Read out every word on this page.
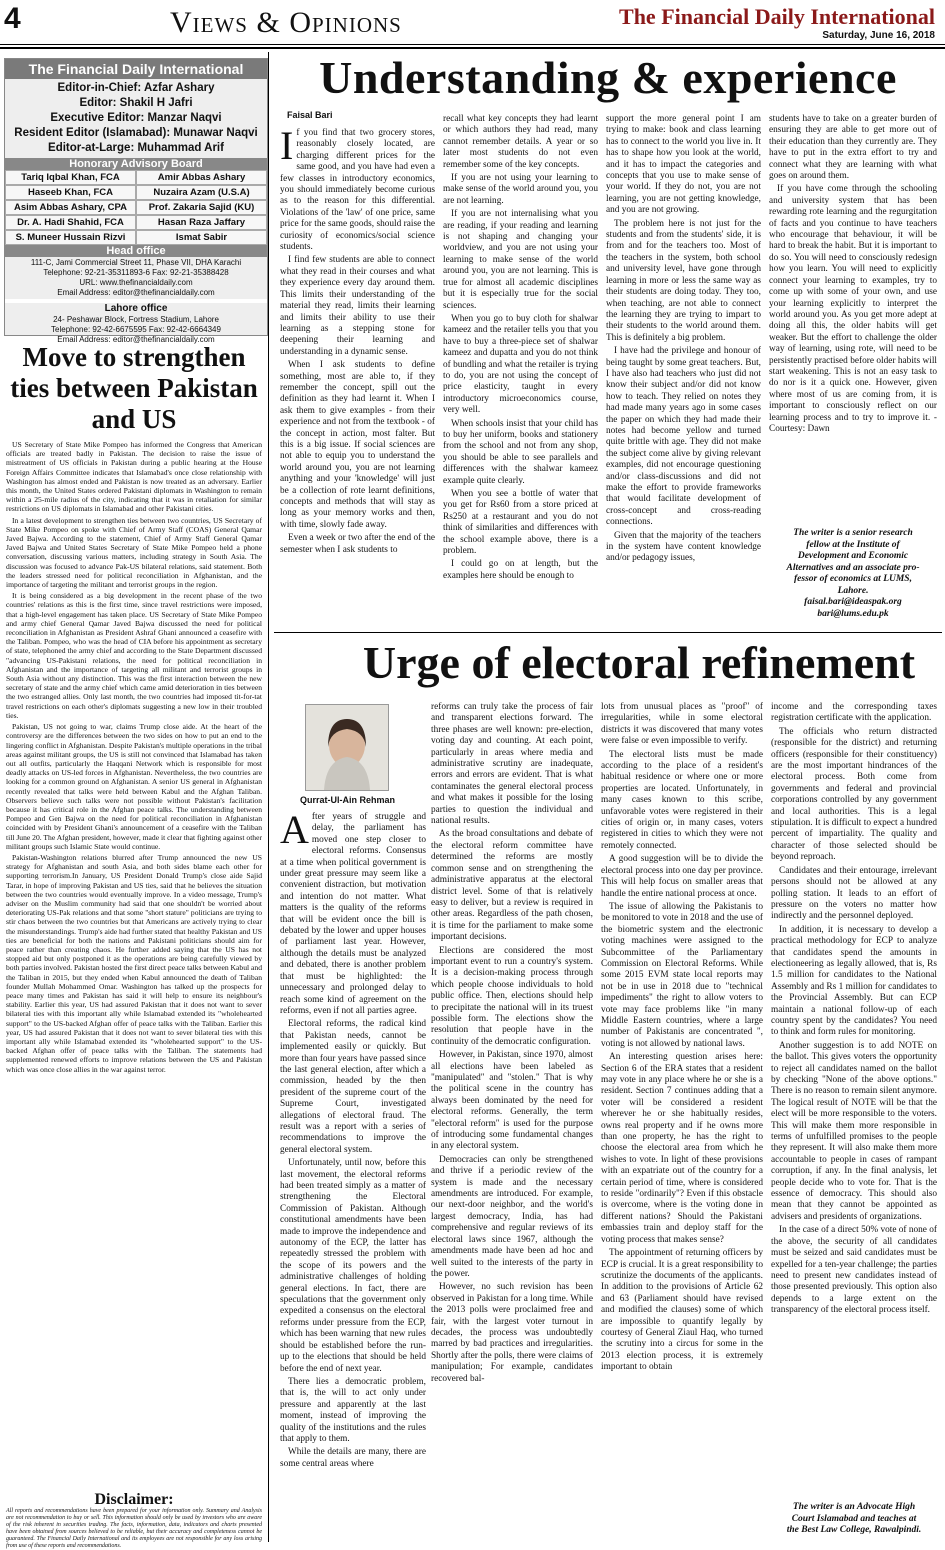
4	Views & Opinions	The Financial Daily International
Saturday, June 16, 2018
The Financial Daily International
Editor-in-Chief: Azfar Ashary
Editor: Shakil H Jafri
Executive Editor: Manzar Naqvi
Resident Editor (Islamabad): Munawar Naqvi
Editor-at-Large: Muhammad Arif
Honorary Advisory Board
Tariq Iqbal Khan, FCA	Amir Abbas Ashary
Haseeb Khan, FCA	Nuzaira Azam (U.S.A)
Asim Abbas Ashary, CPA	Prof. Zakaria Sajid (KU)
Dr. A. Hadi Shahid, FCA	Hasan Raza Jaffary
S. Muneer Hussain Rizvi	Ismat Sabir
Head office
111-C, Jami Commercial Street 11, Phase VII, DHA Karachi
Telephone: 92-21-35311893-6 Fax: 92-21-35388428
URL: www.thefinancialdaily.com
Email Address: editor@thefinancialdaily.com
Lahore office
24- Peshawar Block, Fortress Stadium, Lahore
Telephone: 92-42-6675595 Fax: 92-42-6664349
Email Address: editor@thefinancialdaily.com
Move to strengthen ties between Pakistan and US

US Secretary of State Mike Pompeo has informed the Congress that American officials are treated badly in Pakistan. The decision to raise the issue of mistreatment of US officials in Pakistan during a public hearing at the House Foreign Affairs Committee indicates that Islamabad's once close relationship with Washington has almost ended and Pakistan is now treated as an adversary. Earlier this month, the United States ordered Pakistani diplomats in Washington to remain within a 25-mile radius of the city, indicating that it was in retaliation for similar restrictions on US diplomats in Islamabad and other Pakistani cities.

In a latest development to strengthen ties between two countries, US Secretary of State Mike Pompeo on spoke with Chief of Army Staff (COAS) General Qamar Javed Bajwa. According to the statement, Chief of Army Staff General Qamar Javed Bajwa and United States Secretary of State Mike Pompeo held a phone conversation, discussing various matters, including strategy in South Asia. The discussion was focused to advance Pak-US bilateral relations, said statement. Both the leaders stressed need for political reconciliation in Afghanistan, and the importance of targeting the militant and terrorist groups in the region.

It is being considered as a big development in the recent phase of the two countries' relations as this is the first time, since travel restrictions were imposed, that a high-level engagement has taken place. US Secretary of State Mike Pompeo and army chief General Qamar Javed Bajwa discussed the need for political reconciliation in Afghanistan as President Ashraf Ghani announced a ceasefire with the Taliban. Pompeo, who was the head of CIA before his appointment as secretary of state, telephoned the army chief and according to the State Department discussed "advancing US-Pakistani relations, the need for political reconciliation in Afghanistan and the importance of targeting all militant and terrorist groups in South Asia without any distinction. This was the first interaction between the new secretary of state and the army chief which came amid deterioration in ties between the two estranged allies. Only last month, the two countries had imposed tit-for-tat travel restrictions on each other's diplomats suggesting a new low in their troubled ties.

Pakistan, US not going to war, claims Trump close aide. At the heart of the controversy are the differences between the two sides on how to put an end to the lingering conflict in Afghanistan. Despite Pakistan's multiple operations in the tribal areas against militant groups, the US is still not convinced that Islamabad has taken out all outfits, particularly the Haqqani Network which is responsible for most deadly attacks on US-led forces in Afghanistan. Nevertheless, the two countries are looking for a common ground on Afghanistan. A senior US general in Afghanistan recently revealed that talks were held between Kabul and the Afghan Taliban. Observers believe such talks were not possible without Pakistan's facilitation because it has critical role in the Afghan peace talks. The understanding between Pompeo and Gen Bajwa on the need for political reconciliation in Afghanistan coincided with by President Ghani's announcement of a ceasefire with the Taliban till June 20. The Afghan president, however, made it clear that fighting against other militant groups such Islamic State would continue.

Pakistan-Washington relations blurred after Trump announced the new US strategy for Afghanistan and south Asia, and both sides blame each other for supporting terrorism.In January, US President Donald Trump's close aide Sajid Tarar, in hope of improving Pakistan and US ties, said that he believes the situation between the two countries would eventually improve. In a video message, Trump's adviser on the Muslim community had said that one shouldn't be worried about deteriorating US-Pak relations and that some "short stature" politicians are trying to stir chaos between the two countries but that Americans are actively trying to clear the misunderstandings. Trump's aide had further stated that healthy Pakistan and US ties are beneficial for both the nations and Pakistani politicians should aim for peace rather than creating chaos. He further added saying that the US has not stopped aid but only postponed it as the operations are being carefully viewed by both parties involved. Pakistan hosted the first direct peace talks between Kabul and the Taliban in 2015, but they ended when Kabul announced the death of Taliban founder Mullah Mohammed Omar. Washington has talked up the prospects for peace many times and Pakistan has said it will help to ensure its neighbour's stability. Earlier this year, US had assured Pakistan that it does not want to sever bilateral ties with this important ally while Islamabad extended its "wholehearted support" to the US-backed Afghan offer of peace talks with the Taliban. Earlier this year, US had assured Pakistan that it does not want to sever bilateral ties with this important ally while Islamabad extended its "wholehearted support" to the US-backed Afghan offer of peace talks with the Taliban. The statements had supplemented renewed efforts to improve relations between the US and Pakistan which was once close allies in the war against terror.

Disclaimer:
All reports and recommendations have been prepared for your information only. Summary and Analysis are not recommendation to buy or sell. This information should only be used by investors who are aware of the risk inherent in securities trading. The facts, information, data, indicators and charts presented have been obtained from sources believed to be reliable, but their accuracy and completeness cannot be guaranteed. The Financial Daily International and its employees are not responsible for any loss arising from use of these reports and recommendations.
Understanding & experience
Faisal Bari

If you find that two grocery stores, reasonably closely located, are charging different prices for the same good, and you have had even a few classes in introductory economics, you should immediately become curious as to the reason for this differential. Violations of the 'law' of one price, same price for the same goods, should raise the curiosity of economics/social science students.

I find few students are able to connect what they read in their courses and what they experience every day around them. This limits their understanding of the material they read, limits their learning and limits their ability to use their learning as a stepping stone for deepening their learning and understanding in a dynamic sense.

When I ask students to define something, most are able to, if they remember the concept, spill out the definition as they had learnt it. When I ask them to give examples - from their experience and not from the textbook - of the concept in action, most falter. But this is a big issue. If social sciences are not able to equip you to understand the world around you, you are not learning anything and your 'knowledge' will just be a collection of rote learnt definitions, concepts and methods that will stay as long as your memory works and then, with time, slowly fade away.

Even a week or two after the end of the semester when I ask students to

recall what key concepts they had learnt or which authors they had read, many cannot remember details. A year or so later most students do not even remember some of the key concepts.

If you are not using your learning to make sense of the world around you, you are not learning.

If you are not internalising what you are reading, if your reading and learning is not shaping and changing your worldview, and you are not using your learning to make sense of the world around you, you are not learning. This is true for almost all academic disciplines but it is especially true for the social sciences.

When you go to buy cloth for shalwar kameez and the retailer tells you that you have to buy a three-piece set of shalwar kameez and dupatta and you do not think of bundling and what the retailer is trying to do, you are not using the concept of price elasticity, taught in every introductory microeconomics course, very well.

When schools insist that your child has to buy her uniform, books and stationery from the school and not from any shop, you should be able to see parallels and differences with the shalwar kameez example quite clearly.

When you see a bottle of water that you get for Rs60 from a store priced at Rs250 at a restaurant and you do not think of similarities and differences with the school example above, there is a problem.

I could go on at length, but the examples here should be enough to

support the more general point I am trying to make: book and class learning has to connect to the world you live in. It has to shape how you look at the world, and it has to impact the categories and concepts that you use to make sense of your world. If they do not, you are not learning, you are not getting knowledge, and you are not growing.

The problem here is not just for the students and from the students' side, it is from and for the teachers too. Most of the teachers in the system, both school and university level, have gone through learning in more or less the same way as their students are doing today. They too, when teaching, are not able to connect the learning they are trying to impart to their students to the world around them. This is definitely a big problem.

I have had the privilege and honour of being taught by some great teachers. But, I have also had teachers who just did not know their subject and/or did not know how to teach. They relied on notes they had made many years ago in some cases the paper on which they had made their notes had become yellow and turned quite brittle with age. They did not make the subject come alive by giving relevant examples, did not encourage questioning and/or class-discussions and did not make the effort to provide frameworks that would facilitate development of cross-concept and cross-reading connections.

Given that the majority of the teachers in the system have content knowledge and/or pedagogy issues,

students have to take on a greater burden of ensuring they are able to get more out of their education than they currently are. They have to put in the extra effort to try and connect what they are learning with what goes on around them.

If you have come through the schooling and university system that has been rewarding rote learning and the regurgitation of facts and you continue to have teachers who encourage that behaviour, it will be hard to break the habit. But it is important to do so. You will need to consciously redesign how you learn. You will need to explicitly connect your learning to examples, try to come up with some of your own, and use your learning explicitly to interpret the world around you. As you get more adept at doing all this, the older habits will get weaker. But the effort to challenge the older way of learning, using rote, will need to be persistently practised before older habits will start weakening. This is not an easy task to do nor is it a quick one. However, given where most of us are coming from, it is important to consciously reflect on our learning process and to try to improve it. - Courtesy: Dawn

The writer is a senior research
fellow at the Institute of
Development and Economic
Alternatives and an associate pro-
fessor of economics at LUMS,
Lahore.
faisal.bari@ideaspak.org
bari@lums.edu.pk
Urge of electoral refinement
Qurrat-Ul-Ain Rehman

After years of struggle and delay, the parliament has moved one step closer to electoral reforms. Consensus at a time when political government is under great pressure may seem like a convenient distraction, but motivation and intention do not matter. What matters is the quality of the reforms that will be evident once the bill is debated by the lower and upper houses of parliament last year. However, although the details must be analyzed and debated, there is another problem that must be highlighted: the unnecessary and prolonged delay to reach some kind of agreement on the reforms, even if not all parties agree.

Electoral reforms, the radical kind that Pakistan needs, cannot be implemented easily or quickly. But more than four years have passed since the last general election, after which a commission, headed by the then president of the supreme court of the Supreme Court, investigated allegations of electoral fraud. The result was a report with a series of recommendations to improve the general electoral system.

Unfortunately, until now, before this last movement, the electoral reforms had been treated simply as a matter of strengthening the Electoral Commission of Pakistan. Although constitutional amendments have been made to improve the independence and autonomy of the ECP, the latter has repeatedly stressed the problem with the scope of its powers and the administrative challenges of holding general elections. In fact, there are speculations that the government only expedited a consensus on the electoral reforms under pressure from the ECP, which has been warning that new rules should be established before the run-up to the elections that should be held before the end of next year.

There lies a democratic problem, that is, the will to act only under pressure and apparently at the last moment, instead of improving the quality of the institutions and the rules that apply to them.

While the details are many, there are some central areas where

reforms can truly take the process of fair and transparent elections forward. The three phases are well known: pre-election, voting day and counting. At each point, particularly in areas where media and administrative scrutiny are inadequate, errors and errors are evident. That is what contaminates the general electoral process and what makes it possible for the losing parties to question the individual and national results.

As the broad consultations and debate of the electoral reform committee have determined the reforms are mostly common sense and on strengthening the administrative apparatus at the electoral district level. Some of that is relatively easy to deliver, but a review is required in other areas. Regardless of the path chosen, it is time for the parliament to make some important decisions.

Elections are considered the most important event to run a country's system. It is a decision-making process through which people choose individuals to hold public office. Then, elections should help to precipitate the national will in its truest possible form. The elections show the resolution that people have in the continuity of the democratic configuration.

However, in Pakistan, since 1970, almost all elections have been labeled as "manipulated" and "stolen." That is why the political scene in the country has always been dominated by the need for electoral reforms. Generally, the term "electoral reform" is used for the purpose of introducing some fundamental changes in any electoral system.

Democracies can only be strengthened and thrive if a periodic review of the system is made and the necessary amendments are introduced. For example, our next-door neighbor, and the world's largest democracy, India, has had comprehensive and regular reviews of its electoral laws since 1967, although the amendments made have been ad hoc and well suited to the interests of the party in the power.

However, no such revision has been observed in Pakistan for a long time. While the 2013 polls were proclaimed free and fair, with the largest voter turnout in decades, the process was undoubtedly marred by bad practices and irregularities. Shortly after the polls, there were claims of manipulation; For example, candidates recovered bal-

lots from unusual places as "proof" of irregularities, while in some electoral districts it was discovered that many votes were false or even impossible to verify.

The electoral lists must be made according to the place of a resident's habitual residence or where one or more properties are located. Unfortunately, in many cases known to this scribe, unfavorable votes were registered in their cities of origin or, in many cases, voters registered in cities to which they were not remotely connected.

A good suggestion will be to divide the electoral process into one day per province. This will help focus on smaller areas that handle the entire national process at once.

The issue of allowing the Pakistanis to be monitored to vote in 2018 and the use of the biometric system and the electronic voting machines were assigned to the Subcommittee of the Parliamentary Commission on Electoral Reforms. While some 2015 EVM state local reports may not be in use in 2018 due to "technical impediments" the right to allow voters to vote may face problems like "in many Middle Eastern countries, where a large number of Pakistanis are concentrated ", voting is not allowed by national laws.

An interesting question arises here: Section 6 of the ERA states that a resident may vote in any place where he or she is a resident. Section 7 continues adding that a voter will be considered a resident wherever he or she habitually resides, owns real property and if he owns more than one property, he has the right to choose the electoral area from which he wishes to vote. In light of these provisions with an expatriate out of the country for a certain period of time, where is considered to reside "ordinarily"? Even if this obstacle is overcome, where is the voting done in different nations? Should the Pakistani embassies train and deploy staff for the voting process that makes sense?

The appointment of returning officers by ECP is crucial. It is a great responsibility to scrutinize the documents of the applicants. In addition to the provisions of Article 62 and 63 (Parliament should have revised and modified the clauses) some of which are impossible to quantify legally by courtesy of General Ziaul Haq, who turned the scrutiny into a circus for some in the 2013 election process, it is extremely important to obtain

income and the corresponding taxes registration certificate with the application.

The officials who return distracted (responsible for the district) and returning officers (responsible for their constituency) are the most important hindrances of the electoral process. Both come from governments and federal and provincial corporations controlled by any government and local authorities. This is a legal stipulation. It is difficult to expect a hundred percent of impartiality. The quality and character of those selected should be beyond reproach.

Candidates and their entourage, irrelevant persons should not be allowed at any polling station. It leads to an effort of pressure on the voters no matter how indirectly and the personnel deployed.

In addition, it is necessary to develop a practical methodology for ECP to analyze that candidates spend the amounts in electioneering as legally allowed, that is, Rs 1.5 million for candidates to the National Assembly and Rs 1 million for candidates to the Provincial Assembly. But can ECP maintain a national follow-up of each country spent by the candidates? You need to think and form rules for monitoring.

Another suggestion is to add NOTE on the ballot. This gives voters the opportunity to reject all candidates named on the ballot by checking "None of the above options." There is no reason to remain silent anymore. The logical result of NOTE will be that the elect will be more responsible to the voters. This will make them more responsible in terms of unfulfilled promises to the people they represent. It will also make them more accountable to people in cases of rampant corruption, if any. In the final analysis, let people decide who to vote for. That is the essence of democracy. This should also mean that they cannot be appointed as advisers and presidents of organizations.

In the case of a direct 50% vote of none of the above, the security of all candidates must be seized and said candidates must be expelled for a ten-year challenge; the parties need to present new candidates instead of those presented previously. This option also depends to a large extent on the transparency of the electoral process itself.

The writer is an Advocate High
Court Islamabad and teaches at
the Best Law College, Rawalpindi.
